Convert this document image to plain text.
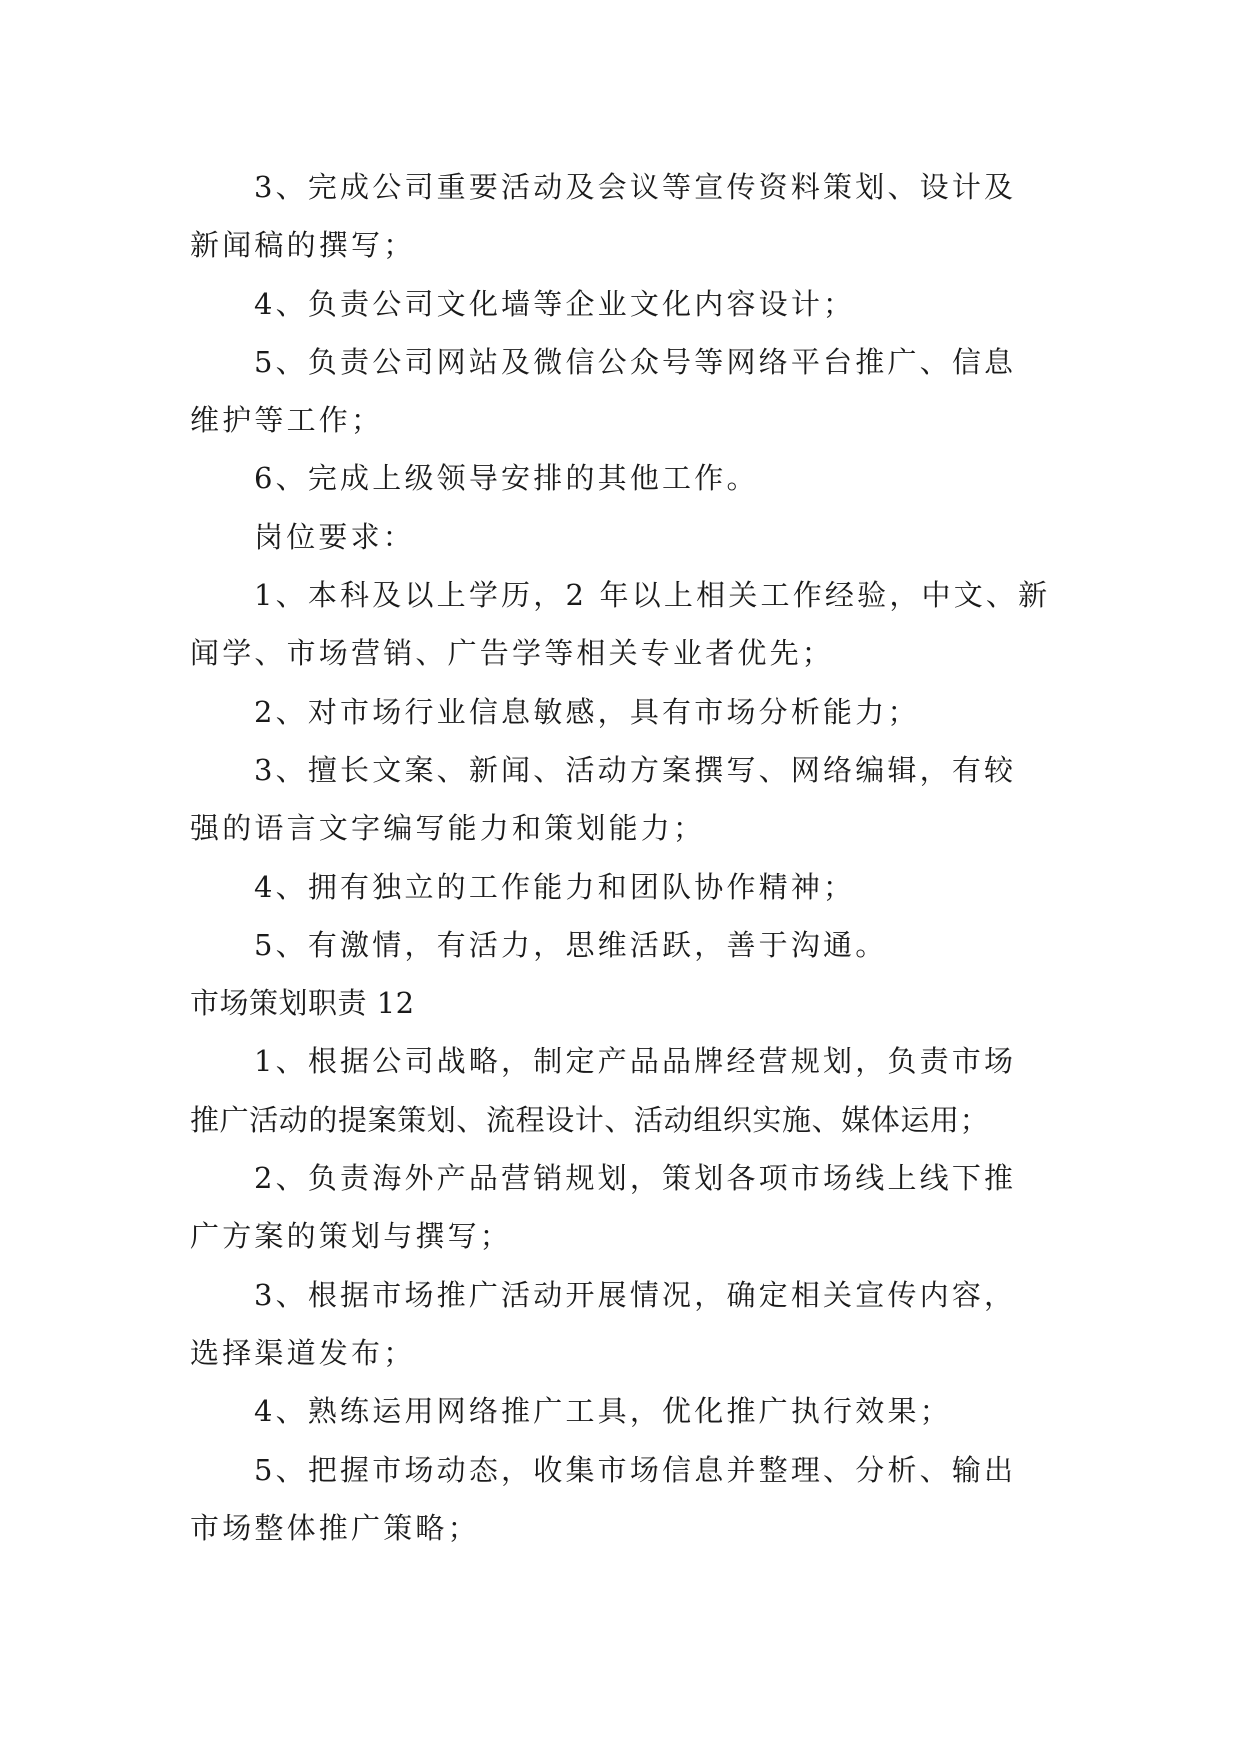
3、完成公司重要活动及会议等宣传资料策划、设计及
新闻稿的撰写；
4、负责公司文化墙等企业文化内容设计；
5、负责公司网站及微信公众号等网络平台推广、信息
维护等工作；
6、完成上级领导安排的其他工作。
岗位要求：
1、本科及以上学历，2 年以上相关工作经验，中文、新
闻学、市场营销、广告学等相关专业者优先；
2、对市场行业信息敏感，具有市场分析能力；
3、擅长文案、新闻、活动方案撰写、网络编辑，有较
强的语言文字编写能力和策划能力；
4、拥有独立的工作能力和团队协作精神；
5、有激情，有活力，思维活跃，善于沟通。
市场策划职责 12
1、根据公司战略，制定产品品牌经营规划，负责市场
推广活动的提案策划、流程设计、活动组织实施、媒体运用；
2、负责海外产品营销规划，策划各项市场线上线下推
广方案的策划与撰写；
3、根据市场推广活动开展情况，确定相关宣传内容，
选择渠道发布；
4、熟练运用网络推广工具，优化推广执行效果；
5、把握市场动态，收集市场信息并整理、分析、输出
市场整体推广策略；
